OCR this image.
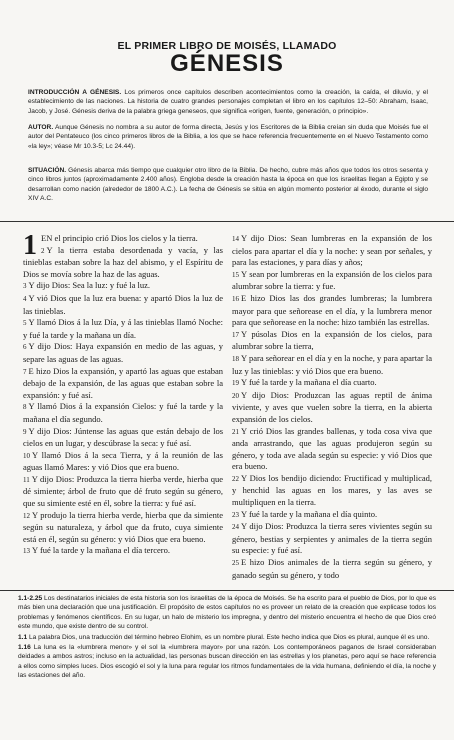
EL PRIMER LIBRO DE MOISÉS, LLAMADO
GÉNESIS

INTRODUCCIÓN A GÉNESIS. Los primeros once capítulos describen acontecimientos como la creación, la caída, el diluvio, y el establecimiento de las naciones. La historia de cuatro grandes personajes completan el libro en los capítulos 12–50: Abraham, Isaac, Jacob, y José. Génesis deriva de la palabra griega geneseos, que significa «origen, fuente, generación, o principio».

AUTOR. Aunque Génesis no nombra a su autor de forma directa, Jesús y los Escritores de la Biblia creían sin duda que Moisés fue el autor del Pentateuco (los cinco primeros libros de la Biblia, a los que se hace referencia frecuentemente en el Nuevo Testamento como «la ley»; véase Mr 10.3-5; Lc 24.44).

SITUACIÓN. Génesis abarca más tiempo que cualquier otro libro de la Biblia. De hecho, cubre más años que todos los otros sesenta y cinco libros juntos (aproximadamente 2.400 años). Engloba desde la creación hasta la época en que los israelitas llegan a Egipto y se desarrollan como nación (alrededor de 1800 A.C.). La fecha de Génesis se sitúa en algún momento posterior al éxodo, durante el siglo XIV A.C.

1 EN el principio crió Dios los cielos y la tierra.

2 Y la tierra estaba desordenada y vacía, y las tinieblas estaban sobre la haz del abismo, y el Espíritu de Dios se movía sobre la haz de las aguas.

3 Y dijo Dios: Sea la luz: y fué la luz.

4 Y vió Dios que la luz era buena: y apartó Dios la luz de las tinieblas.

5 Y llamó Dios á la luz Día, y á las tinieblas llamó Noche: y fué la tarde y la mañana un día.

6 Y dijo Dios: Haya expansión en medio de las aguas, y separe las aguas de las aguas.

7 E hizo Dios la expansión, y apartó las aguas que estaban debajo de la expansión, de las aguas que estaban sobre la expansión: y fué así.

8 Y llamó Dios á la expansión Cielos: y fué la tarde y la mañana el día segundo.

9 Y dijo Dios: Júntense las aguas que están debajo de los cielos en un lugar, y descúbrase la seca: y fué así.

10 Y llamó Dios á la seca Tierra, y á la reunión de las aguas llamó Mares: y vió Dios que era bueno.

11 Y dijo Dios: Produzca la tierra hierba verde, hierba que dé simiente; árbol de fruto que dé fruto según su género, que su simiente esté en él, sobre la tierra: y fué así.

12 Y produjo la tierra hierba verde, hierba que da simiente según su naturaleza, y árbol que da fruto, cuya simiente está en él, según su género: y vió Dios que era bueno.

13 Y fué la tarde y la mañana el día tercero.

14 Y dijo Dios: Sean lumbreras en la expansión de los cielos para apartar el día y la noche: y sean por señales, y para las estaciones, y para días y años;

15 Y sean por lumbreras en la expansión de los cielos para alumbrar sobre la tierra: y fue.

16 E hizo Dios las dos grandes lumbreras; la lumbrera mayor para que señorease en el día, y la lumbrera menor para que señorease en la noche: hizo también las estrellas.

17 Y púsolas Dios en la expansión de los cielos, para alumbrar sobre la tierra,

18 Y para señorear en el día y en la noche, y para apartar la luz y las tinieblas: y vió Dios que era bueno.

19 Y fué la tarde y la mañana el día cuarto.

20 Y dijo Dios: Produzcan las aguas reptil de ánima viviente, y aves que vuelen sobre la tierra, en la abierta expansión de los cielos.

21 Y crió Dios las grandes ballenas, y toda cosa viva que anda arrastrando, que las aguas produjeron según su género, y toda ave alada según su especie: y vió Dios que era bueno.

22 Y Dios los bendijo diciendo: Fructificad y multiplicad, y henchid las aguas en los mares, y las aves se multipliquen en la tierra.

23 Y fué la tarde y la mañana el día quinto.

24 Y dijo Dios: Produzca la tierra seres vivientes según su género, bestias y serpientes y animales de la tierra según su especie: y fué así.

25 E hizo Dios animales de la tierra según su género, y ganado según su género, y todo

1.1-2.25 Los destinatarios iniciales de esta historia son los israelitas de la época de Moisés. Se ha escrito para el pueblo de Dios, por lo que es más bien una declaración que una justificación. El propósito de estos capítulos no es proveer un relato de la creación que explicase todos los problemas y fenómenos científicos. En su lugar, un halo de misterio los impregna, y dentro del misterio encuentra el hecho de que Dios creó este mundo, que existe dentro de su control.

1.1 La palabra Dios, una traducción del término hebreo Elohim, es un nombre plural. Este hecho indica que Dios es plural, aunque él es uno.

1.16 La luna es la «lumbrera menor» y el sol la «lumbrera mayor» por una razón. Los contemporáneos paganos de Israel consideraban deidades a ambos astros; incluso en la actualidad, las personas buscan dirección en las estrellas y los planetas, pero aquí se hace referencia a ellos como simples luces. Dios escogió el sol y la luna para regular los ritmos fundamentales de la vida humana, definiendo el día, la noche y las estaciones del año.
